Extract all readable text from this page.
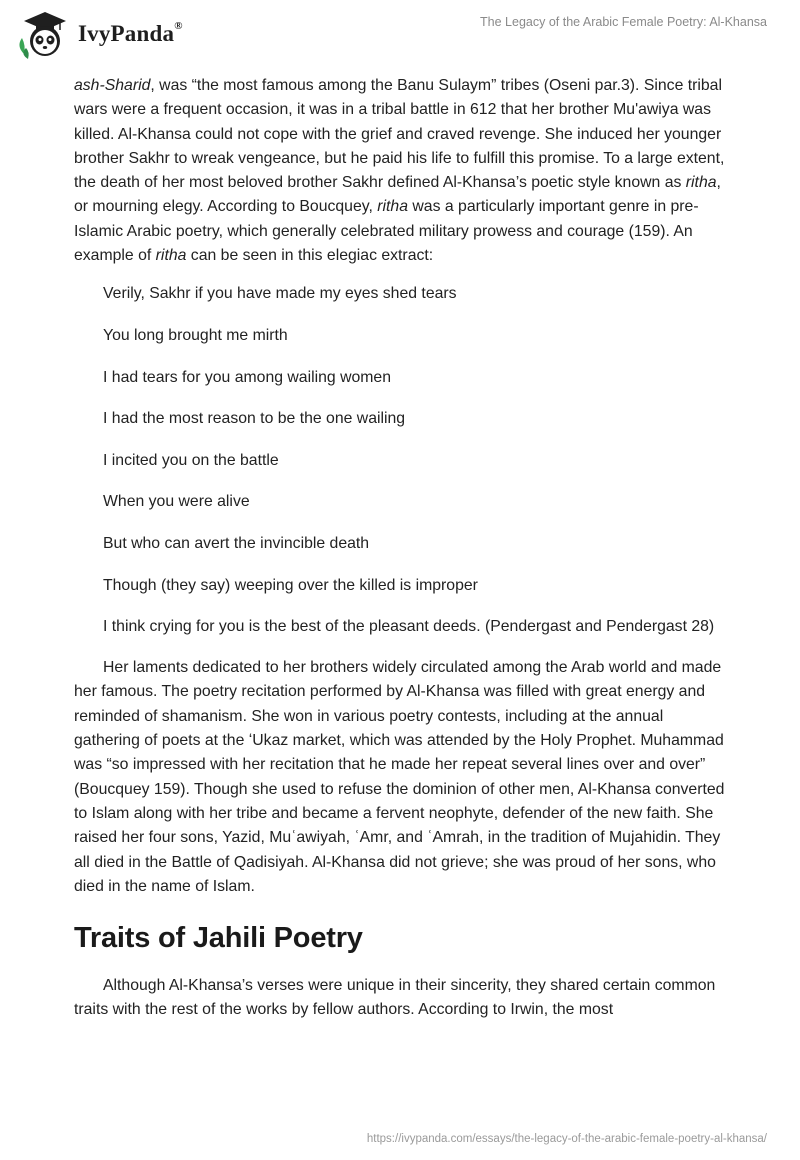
IvyPanda®	The Legacy of the Arabic Female Poetry: Al-Khansa

ash-Sharid, was “the most famous among the Banu Sulaym” tribes (Oseni par.3). Since tribal wars were a frequent occasion, it was in a tribal battle in 612 that her brother Mu'awiya was killed. Al-Khansa could not cope with the grief and craved revenge. She induced her younger brother Sakhr to wreak vengeance, but he paid his life to fulfill this promise. To a large extent, the death of her most beloved brother Sakhr defined Al-Khansa’s poetic style known as ritha, or mourning elegy. According to Boucquey, ritha was a particularly important genre in pre-Islamic Arabic poetry, which generally celebrated military prowess and courage (159). An example of ritha can be seen in this elegiac extract:

Verily, Sakhr if you have made my eyes shed tears

You long brought me mirth

I had tears for you among wailing women

I had the most reason to be the one wailing

I incited you on the battle

When you were alive

But who can avert the invincible death

Though (they say) weeping over the killed is improper

I think crying for you is the best of the pleasant deeds. (Pendergast and Pendergast 28)

Her laments dedicated to her brothers widely circulated among the Arab world and made her famous. The poetry recitation performed by Al-Khansa was filled with great energy and reminded of shamanism. She won in various poetry contests, including at the annual gathering of poets at the ʻUkaz market, which was attended by the Holy Prophet. Muhammad was “so impressed with her recitation that he made her repeat several lines over and over” (Boucquey 159). Though she used to refuse the dominion of other men, Al-Khansa converted to Islam along with her tribe and became a fervent neophyte, defender of the new faith. She raised her four sons, Yazid, Muʿawiyah, ʿAmr, and ʿAmrah, in the tradition of Mujahidin. They all died in the Battle of Qadisiyah. Al-Khansa did not grieve; she was proud of her sons, who died in the name of Islam.

Traits of Jahili Poetry

Although Al-Khansa’s verses were unique in their sincerity, they shared certain common traits with the rest of the works by fellow authors. According to Irwin, the most

https://ivypanda.com/essays/the-legacy-of-the-arabic-female-poetry-al-khansa/
